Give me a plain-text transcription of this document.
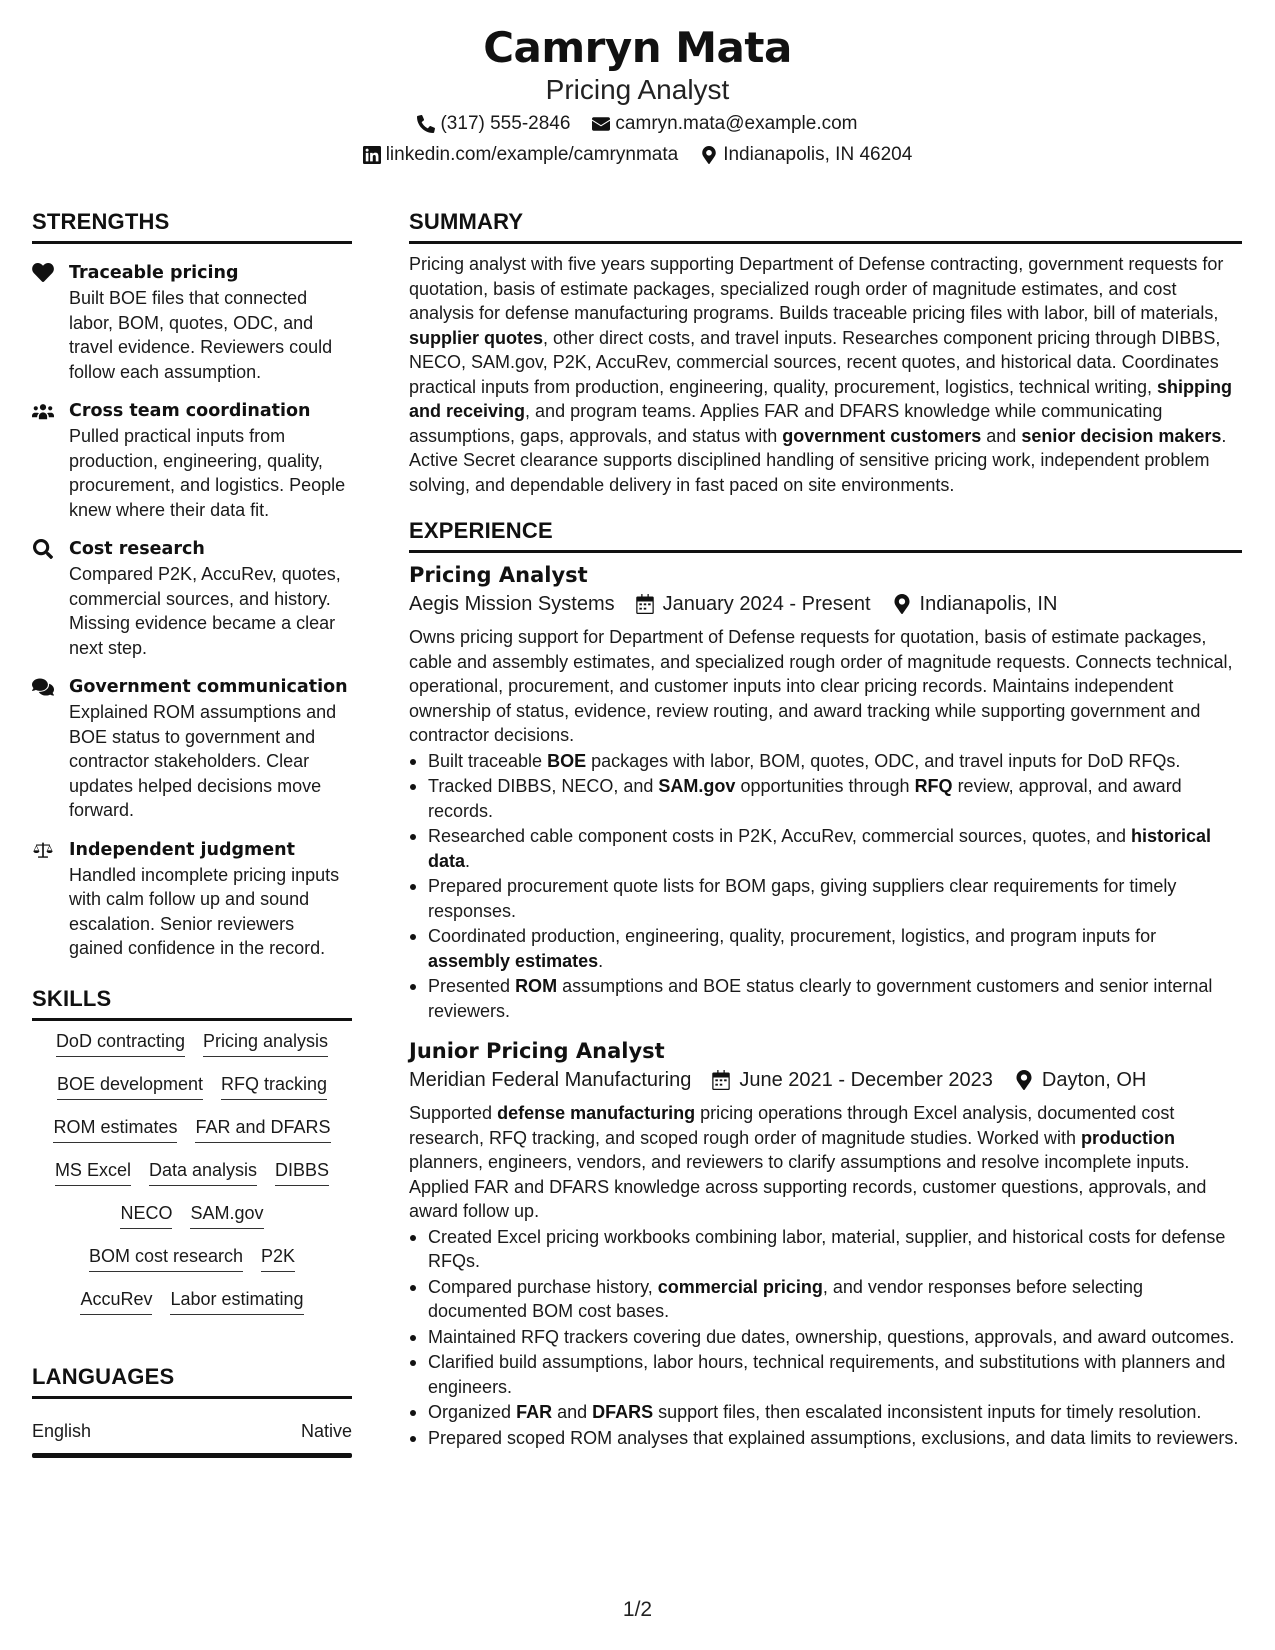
Camryn Mata
Pricing Analyst
(317) 555-2846 camryn.mata@example.com
linkedin.com/example/camrynmata Indianapolis, IN 46204
STRENGTHS
Traceable pricing
Built BOE files that connected labor, BOM, quotes, ODC, and travel evidence. Reviewers could follow each assumption.
Cross team coordination
Pulled practical inputs from production, engineering, quality, procurement, and logistics. People knew where their data fit.
Cost research
Compared P2K, AccuRev, quotes, commercial sources, and history. Missing evidence became a clear next step.
Government communication
Explained ROM assumptions and BOE status to government and contractor stakeholders. Clear updates helped decisions move forward.
Independent judgment
Handled incomplete pricing inputs with calm follow up and sound escalation. Senior reviewers gained confidence in the record.
SKILLS
DoD contracting Pricing analysis
BOE development RFQ tracking
ROM estimates FAR and DFARS
MS Excel Data analysis DIBBS
NECO SAM.gov
BOM cost research P2K
AccuRev Labor estimating
LANGUAGES
English	Native
SUMMARY
Pricing analyst with five years supporting Department of Defense contracting, government requests for quotation, basis of estimate packages, specialized rough order of magnitude estimates, and cost analysis for defense manufacturing programs. Builds traceable pricing files with labor, bill of materials, supplier quotes, other direct costs, and travel inputs. Researches component pricing through DIBBS, NECO, SAM.gov, P2K, AccuRev, commercial sources, recent quotes, and historical data. Coordinates practical inputs from production, engineering, quality, procurement, logistics, technical writing, shipping and receiving, and program teams. Applies FAR and DFARS knowledge while communicating assumptions, gaps, approvals, and status with government customers and senior decision makers. Active Secret clearance supports disciplined handling of sensitive pricing work, independent problem solving, and dependable delivery in fast paced on site environments.
EXPERIENCE
Pricing Analyst
Aegis Mission Systems January 2024 - Present Indianapolis, IN
Owns pricing support for Department of Defense requests for quotation, basis of estimate packages, cable and assembly estimates, and specialized rough order of magnitude requests. Connects technical, operational, procurement, and customer inputs into clear pricing records. Maintains independent ownership of status, evidence, review routing, and award tracking while supporting government and contractor decisions.
Built traceable BOE packages with labor, BOM, quotes, ODC, and travel inputs for DoD RFQs.
Tracked DIBBS, NECO, and SAM.gov opportunities through RFQ review, approval, and award records.
Researched cable component costs in P2K, AccuRev, commercial sources, quotes, and historical data.
Prepared procurement quote lists for BOM gaps, giving suppliers clear requirements for timely responses.
Coordinated production, engineering, quality, procurement, logistics, and program inputs for assembly estimates.
Presented ROM assumptions and BOE status clearly to government customers and senior internal reviewers.
Junior Pricing Analyst
Meridian Federal Manufacturing June 2021 - December 2023 Dayton, OH
Supported defense manufacturing pricing operations through Excel analysis, documented cost research, RFQ tracking, and scoped rough order of magnitude studies. Worked with production planners, engineers, vendors, and reviewers to clarify assumptions and resolve incomplete inputs. Applied FAR and DFARS knowledge across supporting records, customer questions, approvals, and award follow up.
Created Excel pricing workbooks combining labor, material, supplier, and historical costs for defense RFQs.
Compared purchase history, commercial pricing, and vendor responses before selecting documented BOM cost bases.
Maintained RFQ trackers covering due dates, ownership, questions, approvals, and award outcomes.
Clarified build assumptions, labor hours, technical requirements, and substitutions with planners and engineers.
Organized FAR and DFARS support files, then escalated inconsistent inputs for timely resolution.
Prepared scoped ROM analyses that explained assumptions, exclusions, and data limits to reviewers.
1/2
